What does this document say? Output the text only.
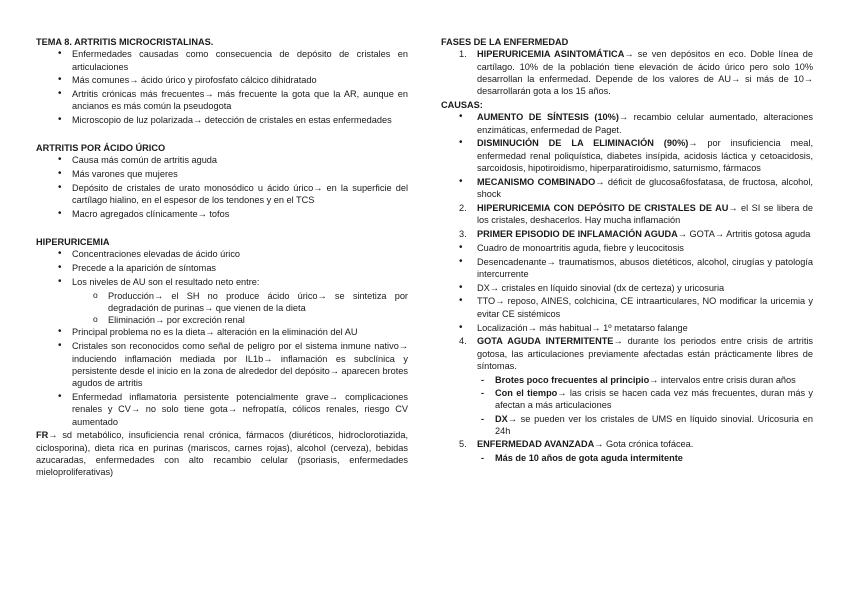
TEMA 8. ARTRITIS MICROCRISTALINAS.

• Enfermedades causadas como consecuencia de depósito de cristales en articulaciones
• Más comunes→ ácido úrico y pirofosfato cálcico dihidratado
• Artritis crónicas más frecuentes→ más frecuente la gota que la AR, aunque en ancianos es más común la pseudogota
• Microscopio de luz polarizada→ detección de cristales en estas enfermedades

ARTRITIS POR ÁCIDO ÚRICO

• Causa más común de artritis aguda
• Más varones que mujeres
• Depósito de cristales de urato monosódico u ácido úrico→ en la superficie del cartílago hialino, en el espesor de los tendones y en el TCS
• Macro agregados clínicamente→ tofos

HIPERURICEMIA

• Concentraciones elevadas de ácido úrico
• Precede a la aparición de síntomas
• Los niveles de AU son el resultado neto entre:
o Producción→ el SH no produce ácido úrico→ se sintetiza por degradación de purinas→ que vienen de la dieta
o Eliminación→ por excreción renal
• Principal problema no es la dieta→ alteración en la eliminación del AU
• Cristales son reconocidos como señal de peligro por el sistema inmune nativo→ induciendo inflamación mediada por IL1b→ inflamación es subclínica y persistente desde el inicio en la zona de alrededor del depósito→ aparecen brotes agudos de artritis
• Enfermedad inflamatoria persistente potencialmente grave→ complicaciones renales y CV→ no solo tiene gota→ nefropatía, cólicos renales, riesgo CV aumentado

FR→ sd metabólico, insuficiencia renal crónica, fármacos (diuréticos, hidroclorotiazida, ciclosporina), dieta rica en purinas (mariscos, carnes rojas), alcohol (cerveza), bebidas azucaradas, enfermedades con alto recambio celular (psoriasis, enfermedades mieloproliferativas)

FASES DE LA ENFERMEDAD

1. HIPERURICEMIA ASINTOMÁTICA→ se ven depósitos en eco. Doble línea de cartílago. 10% de la población tiene elevación de ácido úrico pero solo 10% desarrollan la enfermedad. Depende de los valores de AU→ si más de 10→ desarrollarán gota a los 15 años.

CAUSAS:

• AUMENTO DE SÍNTESIS (10%)→ recambio celular aumentado, alteraciones enzimáticas, enfermedad de Paget.
• DISMINUCIÓN DE LA ELIMINACIÓN (90%)→ por insuficiencia meal, enfermedad renal poliquística, diabetes insípida, acidosis láctica y cetoacidosis, sarcoidosis, hipotiroidismo, hiperparatiroidismo, saturnismo, fármacos
• MECANISMO COMBINADO→ déficit de glucosa6fosfatasa, de fructosa, alcohol, shock
2. HIPERURICEMIA CON DEPÓSITO DE CRISTALES DE AU→ el SI se libera de los cristales, deshacerlos. Hay mucha inflamación
3. PRIMER EPISODIO DE INFLAMACIÓN AGUDA→ GOTA→ Artritis gotosa aguda
• Cuadro de monoartritis aguda, fiebre y leucocitosis
• Desencadenante→ traumatismos, abusos dietéticos, alcohol, cirugías y patología intercurrente
• DX→ cristales en líquido sinovial (dx de certeza) y uricosuria
• TTO→ reposo, AINES, colchicina, CE intraarticulares, NO modificar la uricemia y evitar CE sistémicos
• Localización→ más habitual→ 1º metatarso falange
4. GOTA AGUDA INTERMITENTE→ durante los periodos entre crisis de artritis gotosa, las articulaciones previamente afectadas están prácticamente libres de síntomas.
- Brotes poco frecuentes al principio→ intervalos entre crisis duran años
- Con el tiempo→ las crisis se hacen cada vez más frecuentes, duran más y afectan a más articulaciones
- DX→ se pueden ver los cristales de UMS en líquido sinovial. Uricosuria en 24h
5. ENFERMEDAD AVANZADA→ Gota crónica tofácea.
- Más de 10 años de gota aguda intermitente
